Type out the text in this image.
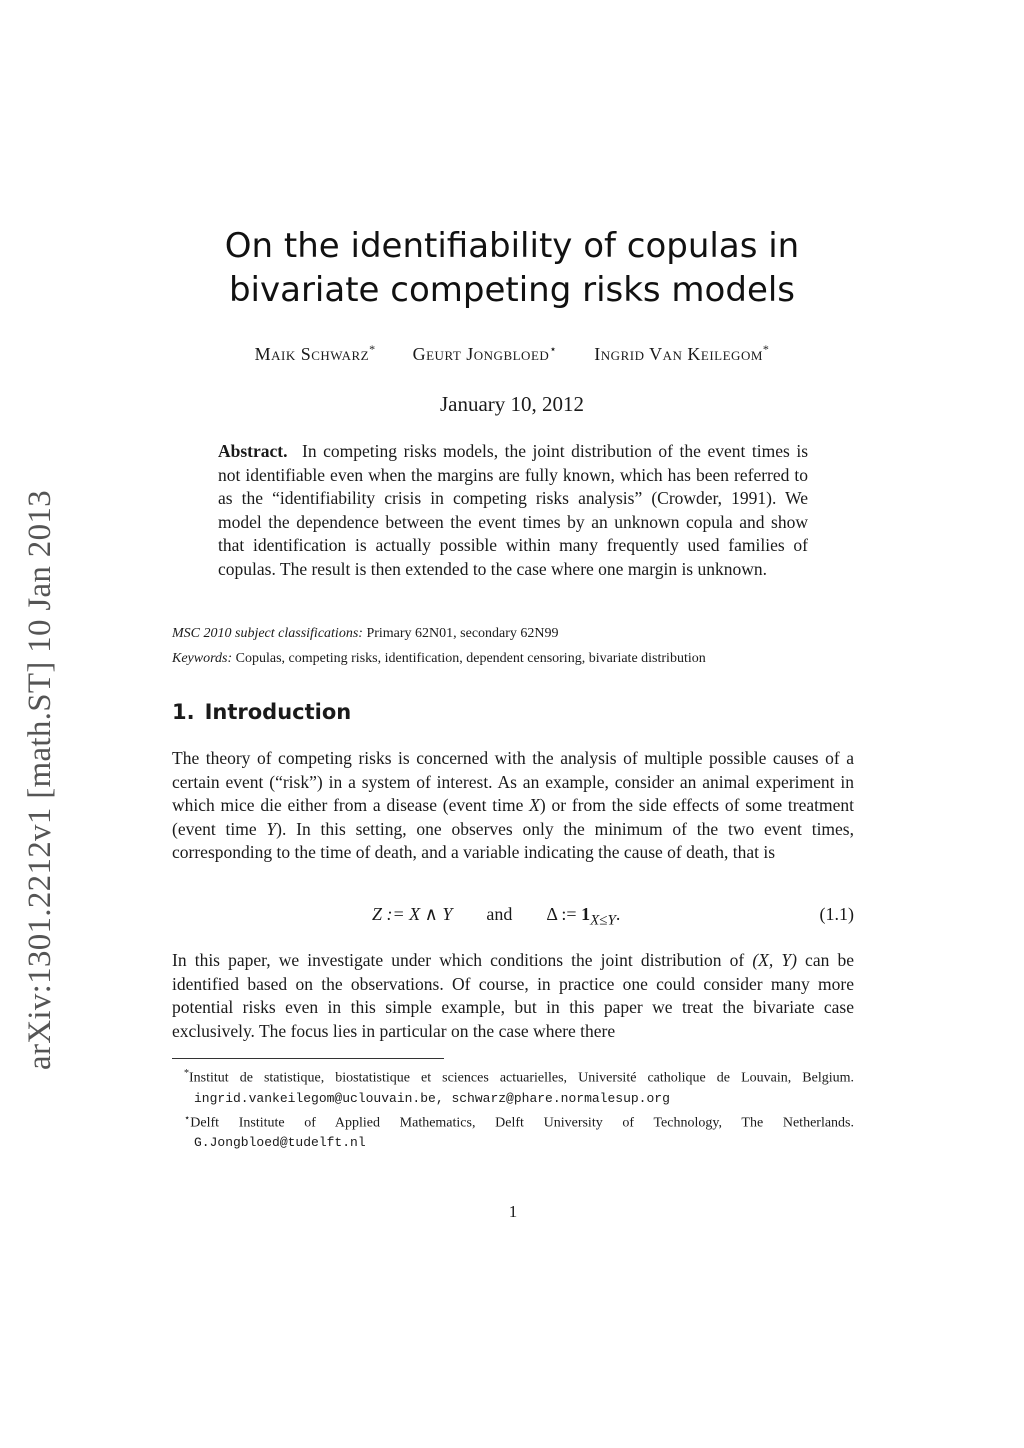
arXiv:1301.2212v1 [math.ST] 10 Jan 2013
On the identifiability of copulas in
bivariate competing risks models
Maik Schwarz* Geurt Jongbloed⋆ Ingrid Van Keilegom*
January 10, 2012
Abstract. In competing risks models, the joint distribution of the event times is not identifiable even when the margins are fully known, which has been referred to as the “identifiability crisis in competing risks analysis” (Crowder, 1991). We model the dependence between the event times by an unknown copula and show that identification is actually possible within many frequently used families of copulas. The result is then extended to the case where one margin is unknown.
MSC 2010 subject classifications: Primary 62N01, secondary 62N99
Keywords: Copulas, competing risks, identification, dependent censoring, bivariate distribution
1. Introduction
The theory of competing risks is concerned with the analysis of multiple possible causes of a certain event (“risk”) in a system of interest. As an example, consider an animal experiment in which mice die either from a disease (event time X) or from the side effects of some treatment (event time Y). In this setting, one observes only the minimum of the two event times, corresponding to the time of death, and a variable indicating the cause of death, that is
Z := X ∧ Y and Δ := $1_{X\le Y}$.	(1.1)
In this paper, we investigate under which conditions the joint distribution of (X, Y) can be identified based on the observations. Of course, in practice one could consider many more potential risks even in this simple example, but in this paper we treat the bivariate case exclusively. The focus lies in particular on the case where there

*Institut de statistique, biostatistique et sciences actuarielles, Université catholique de Louvain, Belgium. ingrid.vankeilegom@uclouvain.be, schwarz@phare.normalesup.org

⋆Delft Institute of Applied Mathematics, Delft University of Technology, The Netherlands. G.Jongbloed@tudelft.nl

1
